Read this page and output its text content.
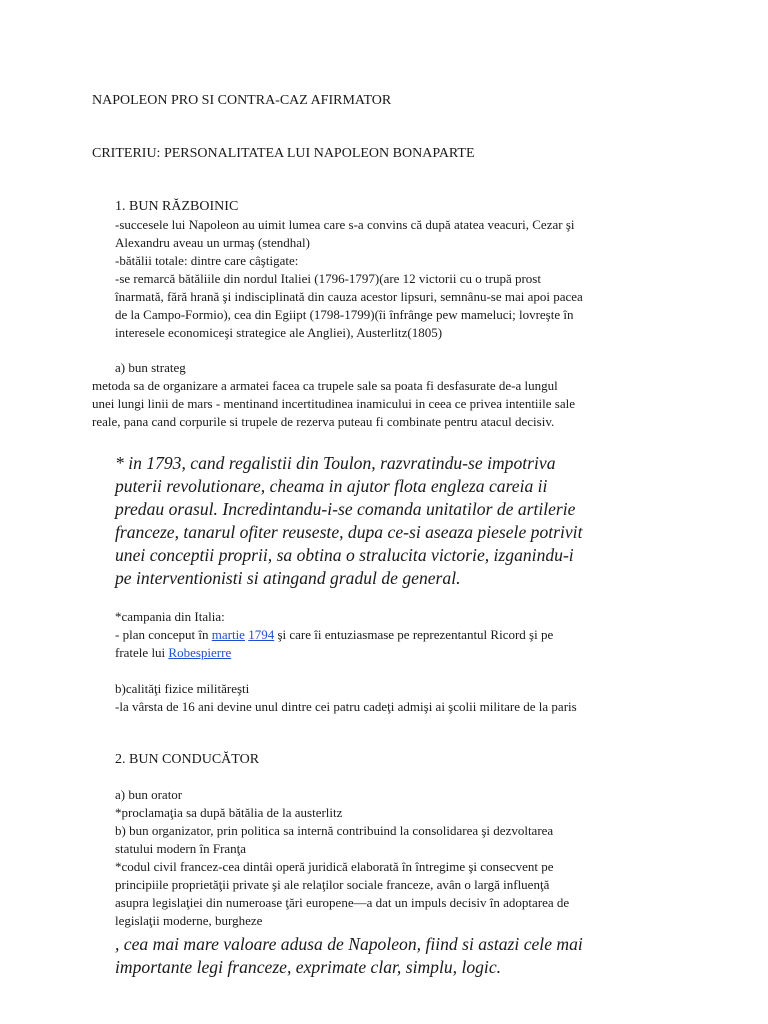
NAPOLEON PRO SI CONTRA-CAZ AFIRMATOR

CRITERIU: PERSONALITATEA LUI NAPOLEON BONAPARTE

1. BUN RĂZBOINIC

-succesele lui Napoleon au uimit lumea care s-a convins că după atatea veacuri, Cezar şi

Alexandru aveau un urmaş (stendhal)

-bătălii totale: dintre care câştigate:

-se remarcă bătăliile din nordul Italiei (1796-1797)(are 12 victorii cu o trupă prost

înarmată, fără hrană şi indisciplinată din cauza acestor lipsuri, semnânu-se mai apoi pacea

de la Campo-Formio), cea din Egiipt (1798-1799)(îi înfrânge pew mameluci; lovreşte în

interesele economiceşi strategice ale Angliei), Austerlitz(1805)

a) bun strateg

metoda sa de organizare a armatei facea ca trupele sale sa poata fi desfasurate de-a lungul

unei lungi linii de mars - mentinand incertitudinea inamicului in ceea ce privea intentiile sale

reale, pana cand corpurile si trupele de rezerva puteau fi combinate pentru atacul decisiv.

* in 1793, cand regalistii din Toulon, razvratindu-se impotriva

puterii revolutionare, cheama in ajutor flota engleza careia ii

predau orasul. Incredintandu-i-se comanda unitatilor de artilerie

franceze, tanarul ofiter reuseste, dupa ce-si aseaza piesele potrivit

unei conceptii proprii, sa obtina o stralucita victorie, izganindu-i

pe interventionisti si atingand gradul de general.

*campania din Italia:

- plan conceput în martie 1794 şi care îi entuziasmase pe reprezentantul Ricord şi pe

fratele lui Robespierre

b)calităţi fizice milităreşti

-la vârsta de 16 ani devine unul dintre cei patru cadeţi admişi ai şcolii militare de la paris

2. BUN CONDUCĂTOR

a) bun orator

*proclamaţia sa după bătălia de la austerlitz

b) bun organizator, prin politica sa internă contribuind la consolidarea şi dezvoltarea

statului modern în Franţa

*codul civil francez-cea dintâi operă juridică elaborată în întregime şi consecvent pe

principiile proprietăţii private şi ale relaţilor sociale franceze, avân o largă influenţă

asupra legislaţiei din numeroase ţări europene—a dat un impuls decisiv în adoptarea de

legislaţii moderne, burgheze

, cea mai mare valoare adusa de Napoleon, fiind si astazi cele mai

importante legi franceze, exprimate clar, simplu, logic.
